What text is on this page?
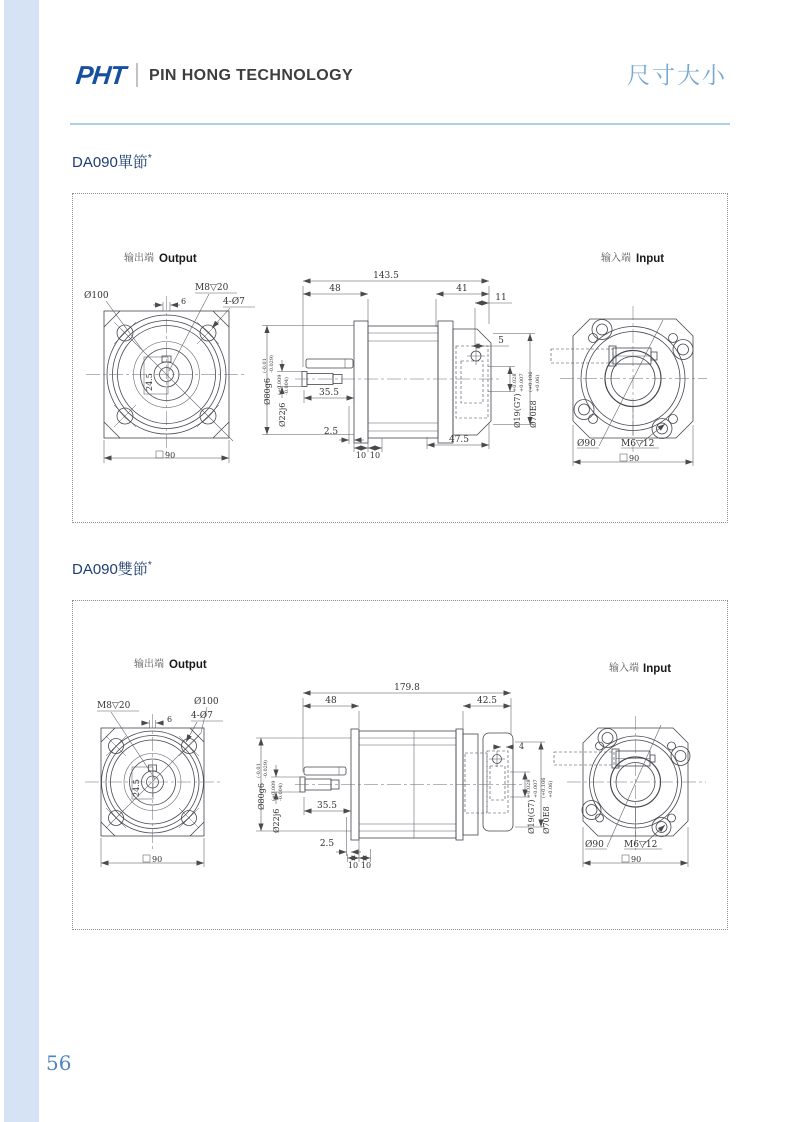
PHT PIN HONG TECHNOLOGY	尺寸大小
DA090單節*
输出端 Output
24.5
6
Ø100
M8▽20
4-Ø7
90
143.5
48	41
11
5
35.5
2.5
10 10
47.5
Ø80g6
(-0.01 -0.029)
Ø22j6
(+0.009 -0.004)
Ø19(G7)
+0.028 +0.007
Ø70E8
(+0.106 +0.06)
输入端 Input
Ø90	M6▽12
90
DA090雙節*
输出端 Output
24.5
6
M8▽20	Ø100
4-Ø7
90
179.8
48	42.5
4
35.5
2.5
10 10
Ø80g6
(-0.01 -0.029)
Ø22j6
(+0.009 -0.004)
Ø19(G7)
+0.028 +0.007
Ø70E8
(+0.106 +0.06)
输入端 Input
Ø90 M6▽12
90
56
